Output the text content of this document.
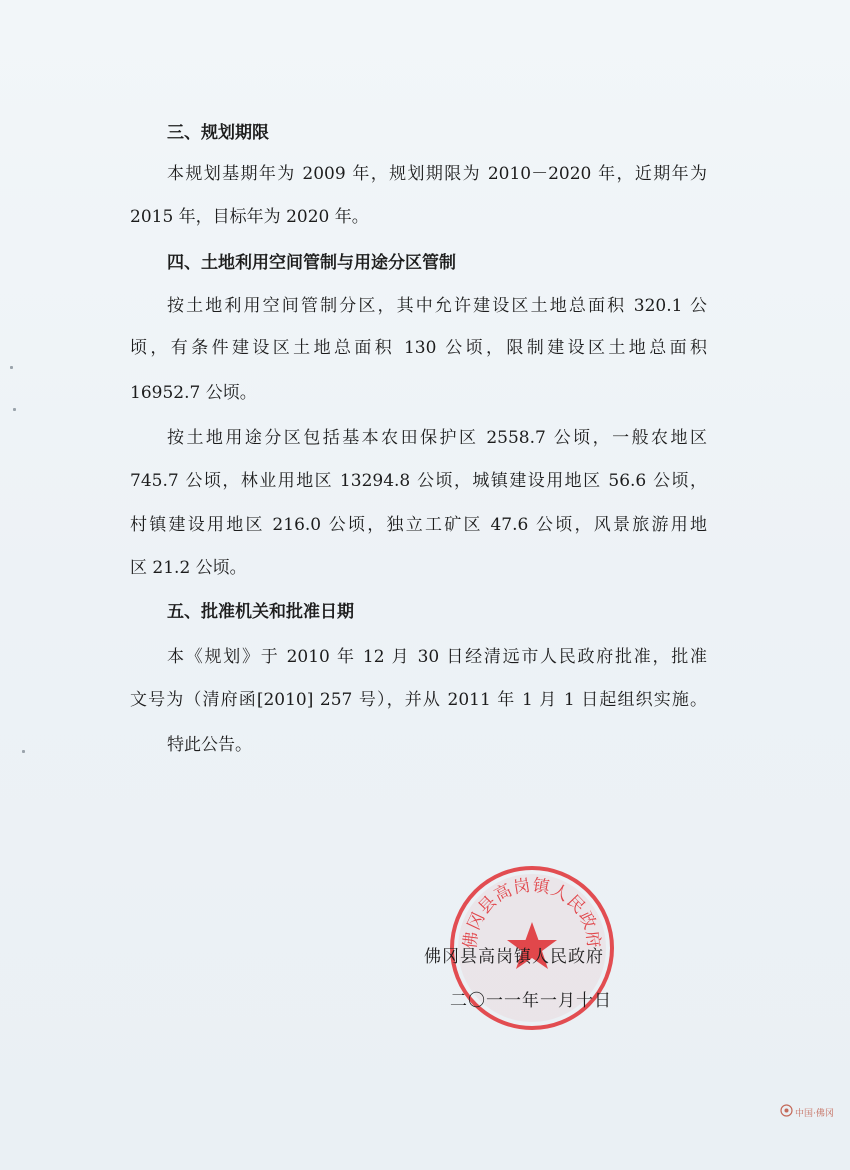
三、规划期限
本规划基期年为 2009 年，规划期限为 2010－2020 年，近期年为
2015 年，目标年为 2020 年。
四、土地利用空间管制与用途分区管制
按土地利用空间管制分区，其中允许建设区土地总面积 320.1 公
顷，有条件建设区土地总面积 130 公顷，限制建设区土地总面积
16952.7 公顷。
按土地用途分区包括基本农田保护区 2558.7 公顷，一般农地区
745.7 公顷，林业用地区 13294.8 公顷，城镇建设用地区 56.6 公顷，
村镇建设用地区 216.0 公顷，独立工矿区 47.6 公顷，风景旅游用地
区 21.2 公顷。
五、批准机关和批准日期
本《规划》于 2010 年 12 月 30 日经清远市人民政府批准，批准
文号为（清府函[2010] 257 号），并从 2011 年 1 月 1 日起组织实施。
特此公告。
佛冈县高岗镇人民政府
佛冈县高岗镇人民政府
二〇一一年一月十日
中国·佛冈
